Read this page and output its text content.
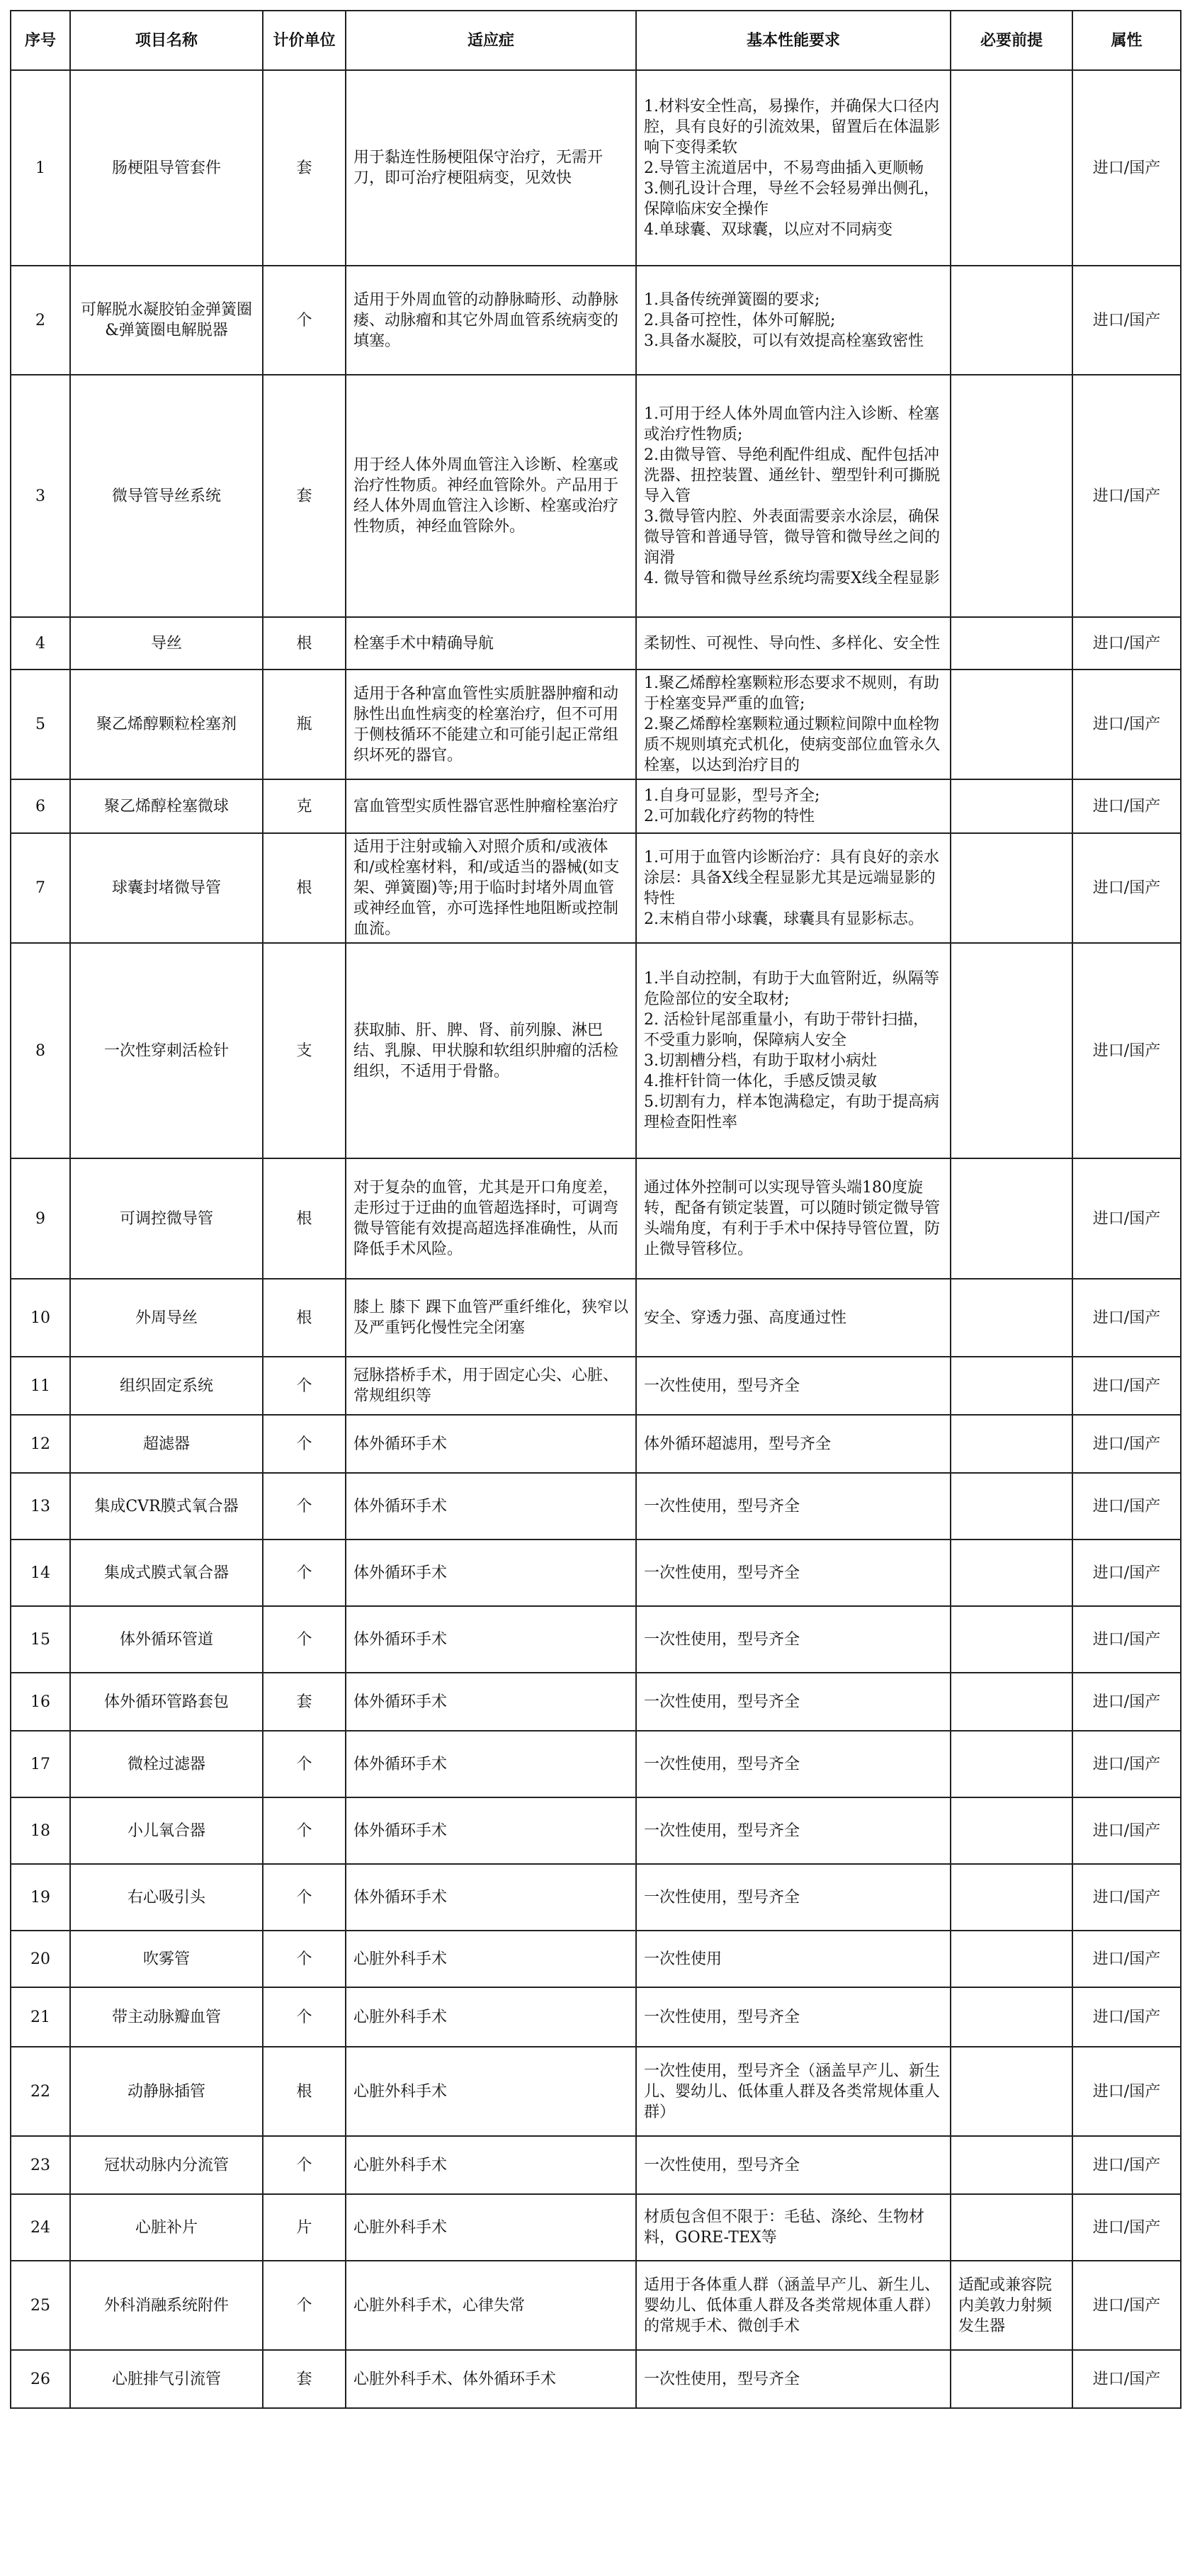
序号	项目名称	计价单位	适应症	基本性能要求	必要前提	属性
1	肠梗阻导管套件	套	用于黏连性肠梗阻保守治疗，无需开刀，即可治疗梗阻病变，见效快	1.材料安全性高，易操作，并确保大口径内腔，具有良好的引流效果，留置后在体温影响下变得柔软
2.导管主流道居中，不易弯曲插入更顺畅
3.侧孔设计合理，导丝不会轻易弹出侧孔，保障临床安全操作
4.单球囊、双球囊，以应对不同病变		进口/国产
2	可解脱水凝胶铂金弹簧圈&弹簧圈电解脱器	个	适用于外周血管的动静脉畸形、动静脉瘘、动脉瘤和其它外周血管系统病变的填塞。	1.具备传统弹簧圈的要求;
2.具备可控性，体外可解脱;
3.具备水凝胶，可以有效提高栓塞致密性		进口/国产
3	微导管导丝系统	套	用于经人体外周血管注入诊断、栓塞或治疗性物质。神经血管除外。产品用于经人体外周血管注入诊断、栓塞或治疗性物质，神经血管除外。	1.可用于经人体外周血管内注入诊断、栓塞或治疗性物质;
2.由微导管、导绝利配件组成、配件包括冲洗器、扭控装置、通丝针、塑型针利可撕脱导入管
3.微导管内腔、外表面需要亲水涂层，确保微导管和普通导管，微导管和微导丝之间的润滑
4. 微导管和微导丝系统均需要X线全程显影		进口/国产
4	导丝	根	栓塞手术中精确导航	柔韧性、可视性、导向性、多样化、安全性		进口/国产
5	聚乙烯醇颗粒栓塞剂	瓶	适用于各种富血管性实质脏器肿瘤和动脉性出血性病变的栓塞治疗，但不可用于侧枝循环不能建立和可能引起正常组织坏死的器官。	1.聚乙烯醇栓塞颗粒形态要求不规则，有助于栓塞变异严重的血管;
2.聚乙烯醇栓塞颗粒通过颗粒间隙中血栓物质不规则填充式机化，使病变部位血管永久栓塞，以达到治疗目的		进口/国产
6	聚乙烯醇栓塞微球	克	富血管型实质性器官恶性肿瘤栓塞治疗	1.自身可显影，型号齐全;
2.可加载化疗药物的特性		进口/国产
7	球囊封堵微导管	根	适用于注射或输入对照介质和/或液体和/或栓塞材料，和/或适当的器械(如支架、弹簧圈)等;用于临时封堵外周血管或神经血管，亦可选择性地阻断或控制血流。	1.可用于血管内诊断治疗：具有良好的亲水涂层：具备X线全程显影尤其是远端显影的特性
2.末梢自带小球囊，球囊具有显影标志。		进口/国产
8	一次性穿刺活检针	支	获取肺、肝、脾、肾、前列腺、淋巴结、乳腺、甲状腺和软组织肿瘤的活检组织，不适用于骨骼。	1.半自动控制，有助于大血管附近，纵隔等危险部位的安全取材;
2. 活检针尾部重量小，有助于带针扫描，不受重力影响，保障病人安全
3.切割槽分档，有助于取材小病灶
4.推杆针筒一体化，手感反馈灵敏
5.切割有力，样本饱满稳定，有助于提高病理检查阳性率		进口/国产
9	可调控微导管	根	对于复杂的血管，尤其是开口角度差，走形过于迂曲的血管超选择时，可调弯微导管能有效提高超选择准确性，从而降低手术风险。	通过体外控制可以实现导管头端180度旋转，配备有锁定装置，可以随时锁定微导管头端角度，有利于手术中保持导管位置，防止微导管移位。		进口/国产
10	外周导丝	根	膝上 膝下 踝下血管严重纤维化，狭窄以及严重钙化慢性完全闭塞	安全、穿透力强、高度通过性		进口/国产
11	组织固定系统	个	冠脉搭桥手术，用于固定心尖、心脏、常规组织等	一次性使用，型号齐全		进口/国产
12	超滤器	个	体外循环手术	体外循环超滤用，型号齐全		进口/国产
13	集成CVR膜式氧合器	个	体外循环手术	一次性使用，型号齐全		进口/国产
14	集成式膜式氧合器	个	体外循环手术	一次性使用，型号齐全		进口/国产
15	体外循环管道	个	体外循环手术	一次性使用，型号齐全		进口/国产
16	体外循环管路套包	套	体外循环手术	一次性使用，型号齐全		进口/国产
17	微栓过滤器	个	体外循环手术	一次性使用，型号齐全		进口/国产
18	小儿氧合器	个	体外循环手术	一次性使用，型号齐全		进口/国产
19	右心吸引头	个	体外循环手术	一次性使用，型号齐全		进口/国产
20	吹雾管	个	心脏外科手术	一次性使用		进口/国产
21	带主动脉瓣血管	个	心脏外科手术	一次性使用，型号齐全		进口/国产
22	动静脉插管	根	心脏外科手术	一次性使用，型号齐全（涵盖早产儿、新生儿、婴幼儿、低体重人群及各类常规体重人群）		进口/国产
23	冠状动脉内分流管	个	心脏外科手术	一次性使用，型号齐全		进口/国产
24	心脏补片	片	心脏外科手术	材质包含但不限于：毛毡、涤纶、生物材料，GORE-TEX等		进口/国产
25	外科消融系统附件	个	心脏外科手术，心律失常	适用于各体重人群（涵盖早产儿、新生儿、婴幼儿、低体重人群及各类常规体重人群）的常规手术、微创手术	适配或兼容院内美敦力射频发生器	进口/国产
26	心脏排气引流管	套	心脏外科手术、体外循环手术	一次性使用，型号齐全		进口/国产
